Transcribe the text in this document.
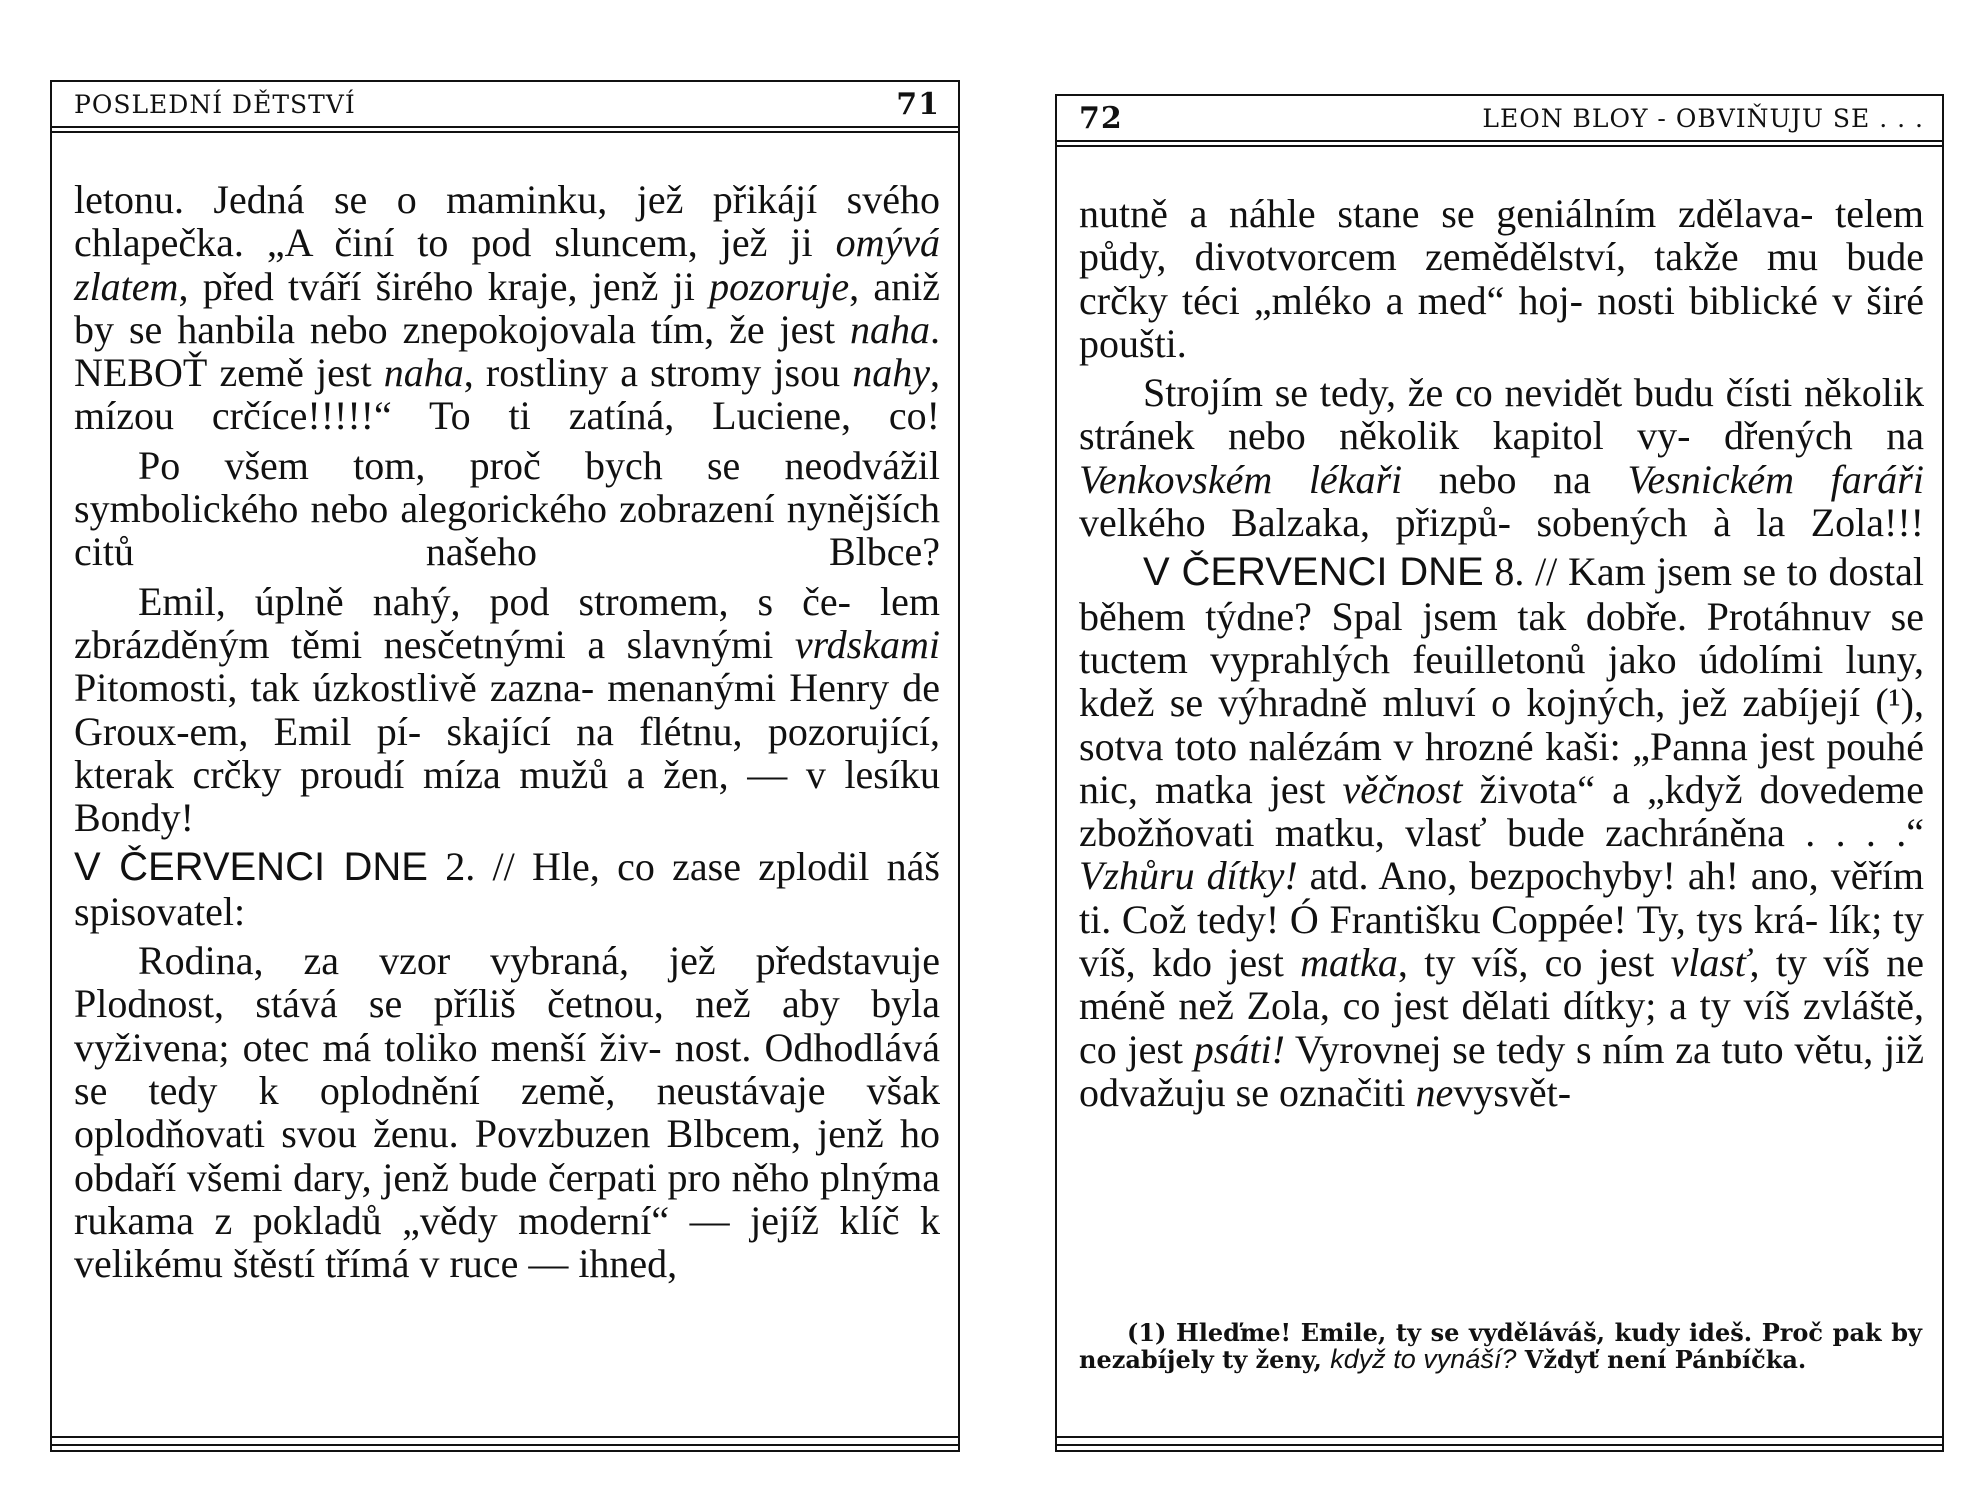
POSLEDNÍ DĚTSTVÍ	71

letonu. Jedná se o maminku, jež přikájí svého chlapečka. „A činí to pod sluncem, jež ji omývá zlatem, před tváří širého kraje, jenž ji pozoruje, aniž by se hanbila nebo znepokojovala tím, že jest naha. NEBOŤ země jest naha, rostliny a stromy jsou nahy, mízou crčíce!!!!!“ To ti zatíná, Luciene, co!

Po všem tom, proč bych se neodvážil symbolického nebo alegorického zobrazení nynějších citů našeho Blbce?

Emil, úplně nahý, pod stromem, s če‐ lem zbrázděným těmi nesčetnými a slavnými vrdskami Pitomosti, tak úzkostlivě zazna‐ menanými Henry de Groux‐em, Emil pí‐ skající na flétnu, pozorující, kterak crčky proudí míza mužů a žen, — v lesíku Bondy!

V ČERVENCI DNE 2. // Hle, co zase zplodil náš spisovatel:

Rodina, za vzor vybraná, jež představuje Plodnost, stává se příliš četnou, než aby byla vyživena; otec má toliko menší živ‐ nost. Odhodlává se tedy k oplodnění země, neustávaje však oplodňovati svou ženu. Povzbuzen Blbcem, jenž ho obdaří všemi dary, jenž bude čerpati pro něho plnýma rukama z pokladů „vědy moderní“ — jejíž klíč k velikému štěstí třímá v ruce — ihned,

72	LEON BLOY - OBVIŇUJU SE . . .

nutně a náhle stane se geniálním zdělava‐ telem půdy, divotvorcem zemědělství, takže mu bude crčky téci „mléko a med“ hoj‐ nosti biblické v širé poušti.

Strojím se tedy, že co nevidět budu čísti několik stránek nebo několik kapitol vy‐ dřených na Venkovském lékaři nebo na Vesnickém faráři velkého Balzaka, přizpů‐ sobených à la Zola!!!

V ČERVENCI DNE 8. // Kam jsem se to dostal během týdne? Spal jsem tak dobře. Protáhnuv se tuctem vyprahlých feuilletonů jako údolími luny, kdež se výhradně mluví o kojných, jež zabíjejí (¹), sotva toto nalézám v hrozné kaši: „Panna jest pouhé nic, matka jest věčnost života“ a „když dovedeme zbožňovati matku, vlasť bude zachráněna . . . .“ Vzhůru dítky! atd. Ano, bezpochyby! ah! ano, věřím ti. Což tedy! Ó Františku Coppée! Ty, tys krá‐ lík; ty víš, kdo jest matka, ty víš, co jest vlasť, ty víš ne méně než Zola, co jest dělati dítky; a ty víš zvláště, co jest psáti! Vyrovnej se tedy s ním za tuto větu, již odvažuju se označiti nevysvět‐

(1) Hleďme! Emile, ty se vyděláváš, kudy ideš. Proč pak by nezabíjely ty ženy, když to vynáší? Vždyť není Pánbíčka.
